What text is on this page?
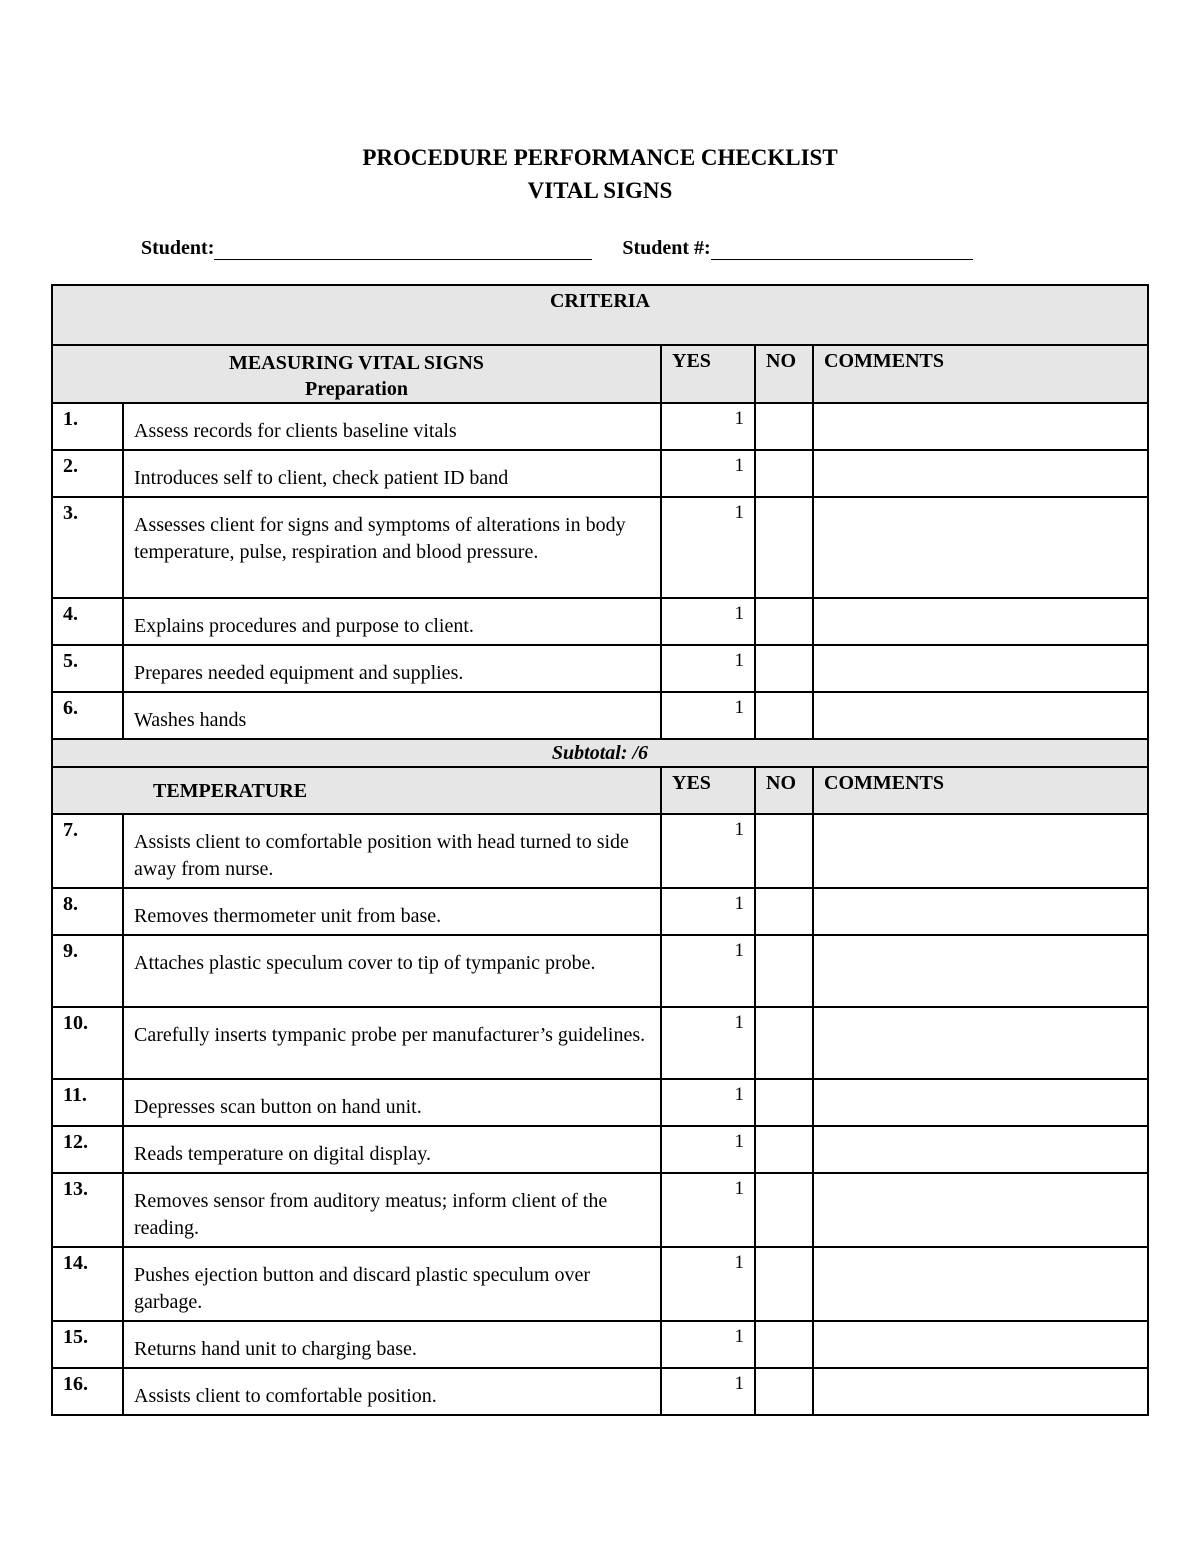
PROCEDURE PERFORMANCE CHECKLIST
VITAL SIGNS
Student:	Student #:
CRITERIA				

MEASURING VITAL SIGNS
Preparation		YES	NO	COMMENTS
1.	Assess records for clients baseline vitals	1		
2.	Introduces self to client, check patient ID band	1		
3.	Assesses client for signs and symptoms of alterations in body temperature, pulse, respiration and blood pressure.	1		
4.	Explains procedures and purpose to client.	1		
5.	Prepares needed equipment and supplies.	1		
6.	Washes hands	1		
Subtotal: /6				
TEMPERATURE		YES	NO	COMMENTS
7.	Assists client to comfortable position with head turned to side away from nurse.	1		
8.	Removes thermometer unit from base.	1		
9.	Attaches plastic speculum cover to tip of tympanic probe.	1		
10.	Carefully inserts tympanic probe per manufacturer’s guidelines.	1		
11.	Depresses scan button on hand unit.	1		
12.	Reads temperature on digital display.	1		
13.	Removes sensor from auditory meatus; inform client of the reading.	1		
14.	Pushes ejection button and discard plastic speculum over garbage.	1		
15.	Returns hand unit to charging base.	1		
16.	Assists client to comfortable position.	1		
